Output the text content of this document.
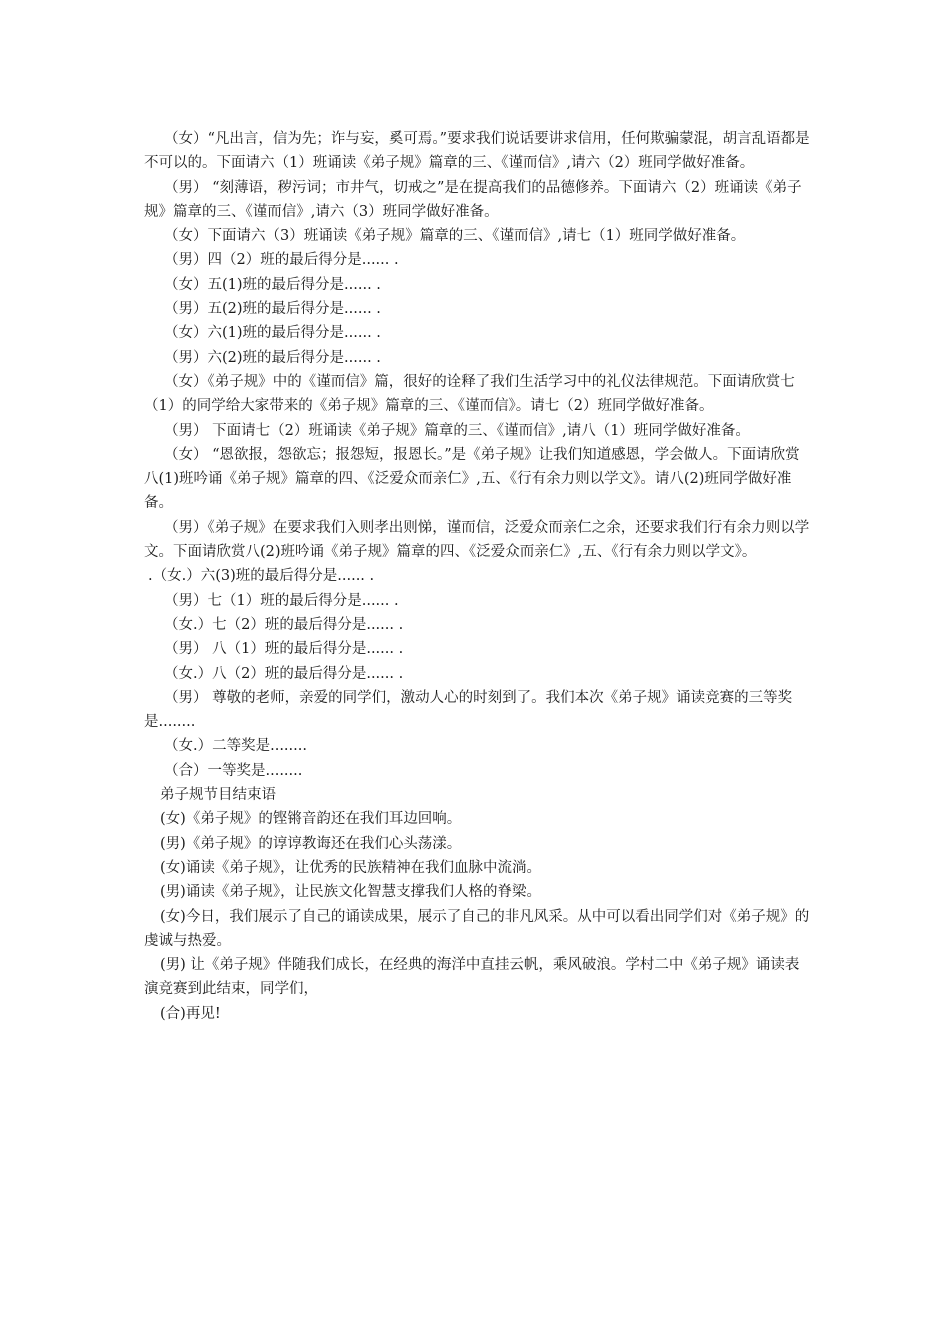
（女）“凡出言，信为先；诈与妄，奚可焉。”要求我们说话要讲求信用，任何欺骗蒙混，胡言乱语都是不可以的。下面请六（1）班诵读《弟子规》篇章的三、《谨而信》,请六（2）班同学做好准备。

（男） “刻薄语，秽污词；市井气，切戒之”是在提高我们的品德修养。下面请六（2）班诵读《弟子规》篇章的三、《谨而信》,请六（3）班同学做好准备。

（女）下面请六（3）班诵读《弟子规》篇章的三、《谨而信》,请七（1）班同学做好准备。

（男）四（2）班的最后得分是...... .

（女）五(1)班的最后得分是...... .

（男）五(2)班的最后得分是...... .

（女）六(1)班的最后得分是...... .

（男）六(2)班的最后得分是...... .

（女）《弟子规》中的《谨而信》篇，很好的诠释了我们生活学习中的礼仪法律规范。下面请欣赏七（1）的同学给大家带来的《弟子规》篇章的三、《谨而信》。请七（2）班同学做好准备。

（男） 下面请七（2）班诵读《弟子规》篇章的三、《谨而信》,请八（1）班同学做好准备。

（女） “恩欲报，怨欲忘；报怨短，报恩长。”是《弟子规》让我们知道感恩，学会做人。下面请欣赏八(1)班吟诵《弟子规》篇章的四、《泛爱众而亲仁》,五、《行有余力则以学文》。请八(2)班同学做好准备。

（男）《弟子规》在要求我们入则孝出则悌，谨而信，泛爱众而亲仁之余，还要求我们行有余力则以学文。下面请欣赏八(2)班吟诵《弟子规》篇章的四、《泛爱众而亲仁》,五、《行有余力则以学文》。

.（女.）六(3)班的最后得分是...... .

（男）七（1）班的最后得分是...... .

（女.）七（2）班的最后得分是...... .

（男） 八（1）班的最后得分是...... .

（女.）八（2）班的最后得分是...... .

（男） 尊敬的老师，亲爱的同学们，激动人心的时刻到了。我们本次《弟子规》诵读竞赛的三等奖是........

（女.）二等奖是........

（合）一等奖是........

弟子规节目结束语

(女)《弟子规》的铿锵音韵还在我们耳边回响。

(男)《弟子规》的谆谆教诲还在我们心头荡漾。

(女)诵读《弟子规》，让优秀的民族精神在我们血脉中流淌。

(男)诵读《弟子规》，让民族文化智慧支撑我们人格的脊梁。

(女)今日，我们展示了自己的诵读成果，展示了自己的非凡风采。从中可以看出同学们对《弟子规》的虔诚与热爱。

(男) 让《弟子规》伴随我们成长，在经典的海洋中直挂云帆，乘风破浪。学村二中《弟子规》诵读表演竞赛到此结束，同学们，

(合)再见!
